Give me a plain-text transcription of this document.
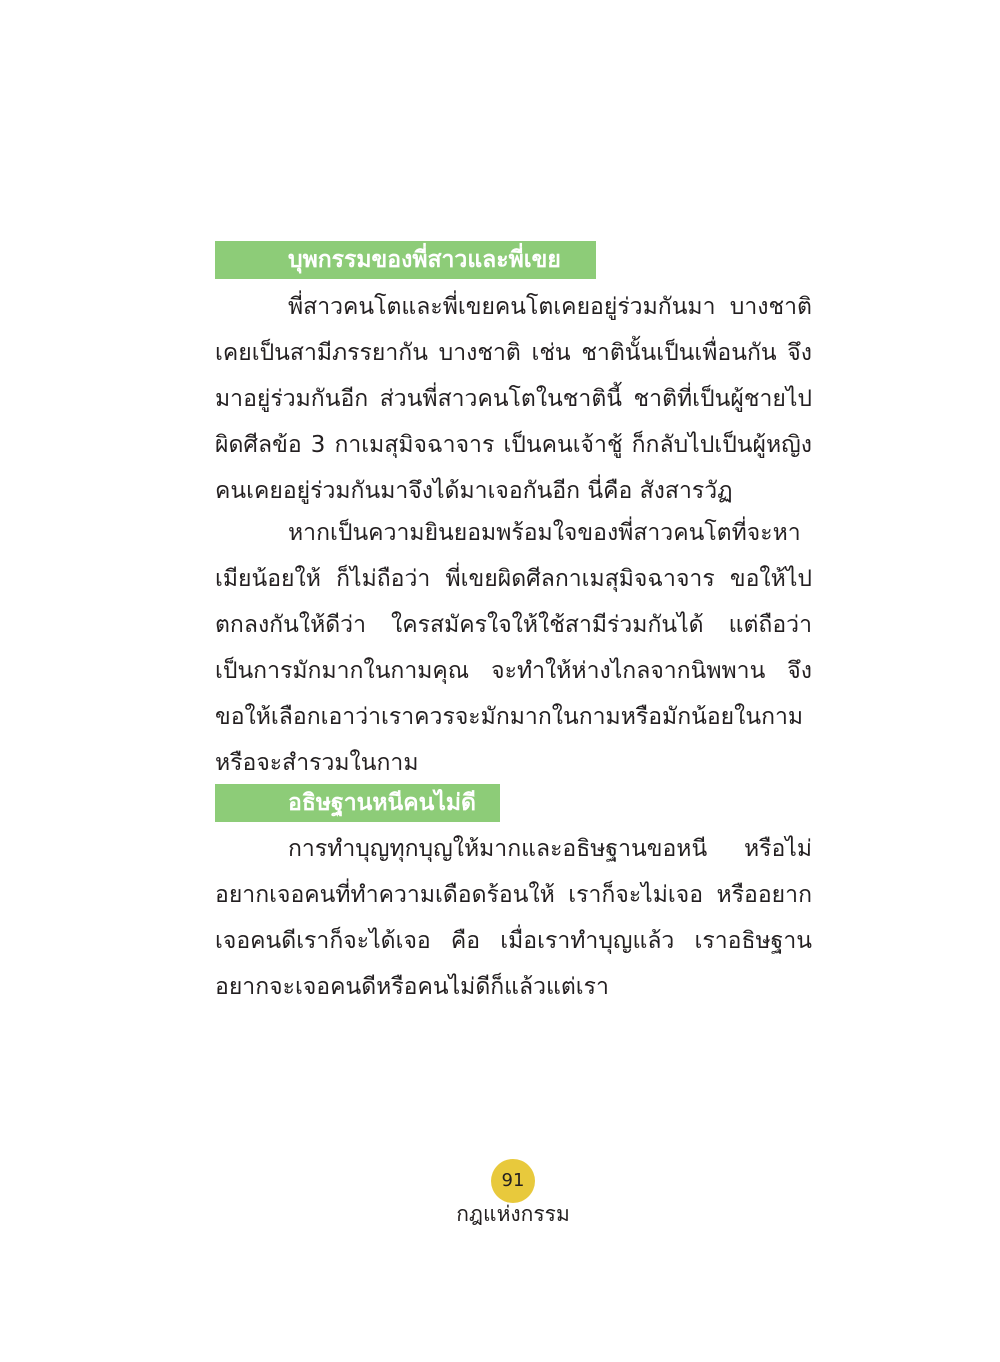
บุพกรรมของพี่สาวและพี่เขย

พี่สาวคนโตและพี่เขยคนโตเคยอยู่ร่วมกันมา บางชาติเคยเป็นสามีภรรยากัน บางชาติ เช่น ชาตินั้นเป็นเพื่อนกัน จึงมาอยู่ร่วมกันอีก ส่วนพี่สาวคนโตในชาตินี้ ชาติที่เป็นผู้ชายไปผิดศีลข้อ 3 กาเมสุมิจฉาจาร เป็นคนเจ้าชู้ ก็กลับไปเป็นผู้หญิง คนเคยอยู่ร่วมกันมาจึงได้มาเจอกันอีก นี่คือ สังสารวัฏ

หากเป็นความยินยอมพร้อมใจของพี่สาวคนโตที่จะหาเมียน้อยให้ ก็ไม่ถือว่า พี่เขยผิดศีลกาเมสุมิจฉาจาร ขอให้ไปตกลงกันให้ดีว่า ใครสมัครใจให้ใช้สามีร่วมกันได้ แต่ถือว่าเป็นการมักมากในกามคุณ จะทำให้ห่างไกลจากนิพพาน จึงขอให้เลือกเอาว่าเราควรจะมักมากในกามหรือมักน้อยในกาม หรือจะสำรวมในกาม

อธิษฐานหนีคนไม่ดี

การทำบุญทุกบุญให้มากและอธิษฐานขอหนี หรือไม่อยากเจอคนที่ทำความเดือดร้อนให้ เราก็จะไม่เจอ หรืออยากเจอคนดีเราก็จะได้เจอ คือ เมื่อเราทำบุญแล้ว เราอธิษฐานอยากจะเจอคนดีหรือคนไม่ดีก็แล้วแต่เรา

91
กฎแห่งกรรม
